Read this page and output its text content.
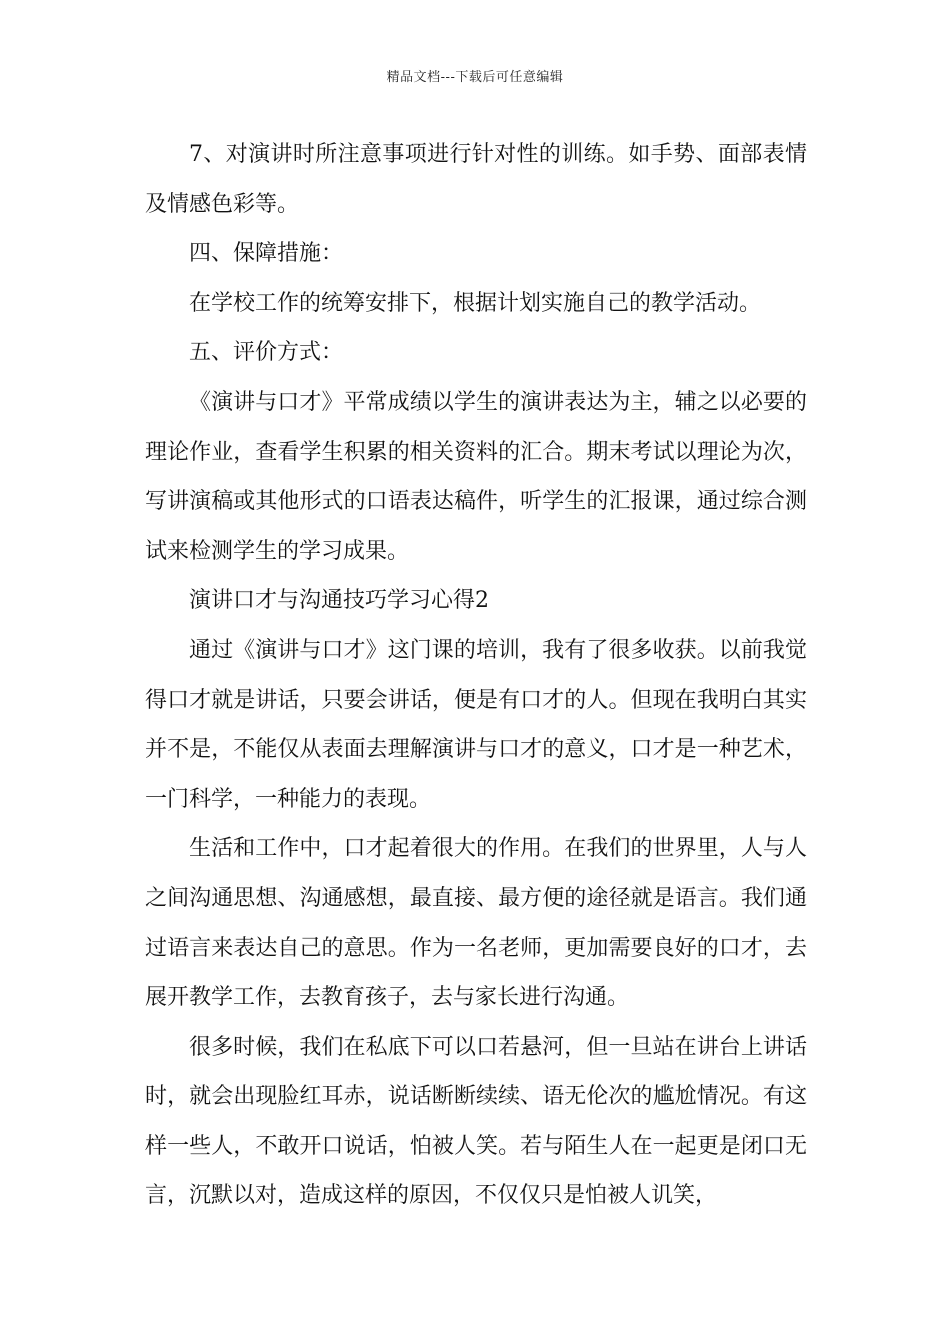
精品文档---下载后可任意编辑

7、对演讲时所注意事项进行针对性的训练。如手势、面部表情及情感色彩等。

四、保障措施：

在学校工作的统筹安排下，根据计划实施自己的教学活动。

五、评价方式：

《演讲与口才》平常成绩以学生的演讲表达为主，辅之以必要的理论作业，查看学生积累的相关资料的汇合。期末考试以理论为次，写讲演稿或其他形式的口语表达稿件，听学生的汇报课，通过综合测试来检测学生的学习成果。

演讲口才与沟通技巧学习心得2

通过《演讲与口才》这门课的培训，我有了很多收获。以前我觉得口才就是讲话，只要会讲话，便是有口才的人。但现在我明白其实并不是，不能仅从表面去理解演讲与口才的意义，口才是一种艺术，一门科学，一种能力的表现。

生活和工作中，口才起着很大的作用。在我们的世界里，人与人之间沟通思想、沟通感想，最直接、最方便的途径就是语言。我们通过语言来表达自己的意思。作为一名老师，更加需要良好的口才，去展开教学工作，去教育孩子，去与家长进行沟通。

很多时候，我们在私底下可以口若悬河，但一旦站在讲台上讲话时，就会出现脸红耳赤，说话断断续续、语无伦次的尴尬情况。有这样一些人，不敢开口说话，怕被人笑。若与陌生人在一起更是闭口无言，沉默以对，造成这样的原因，不仅仅只是怕被人讥笑，
